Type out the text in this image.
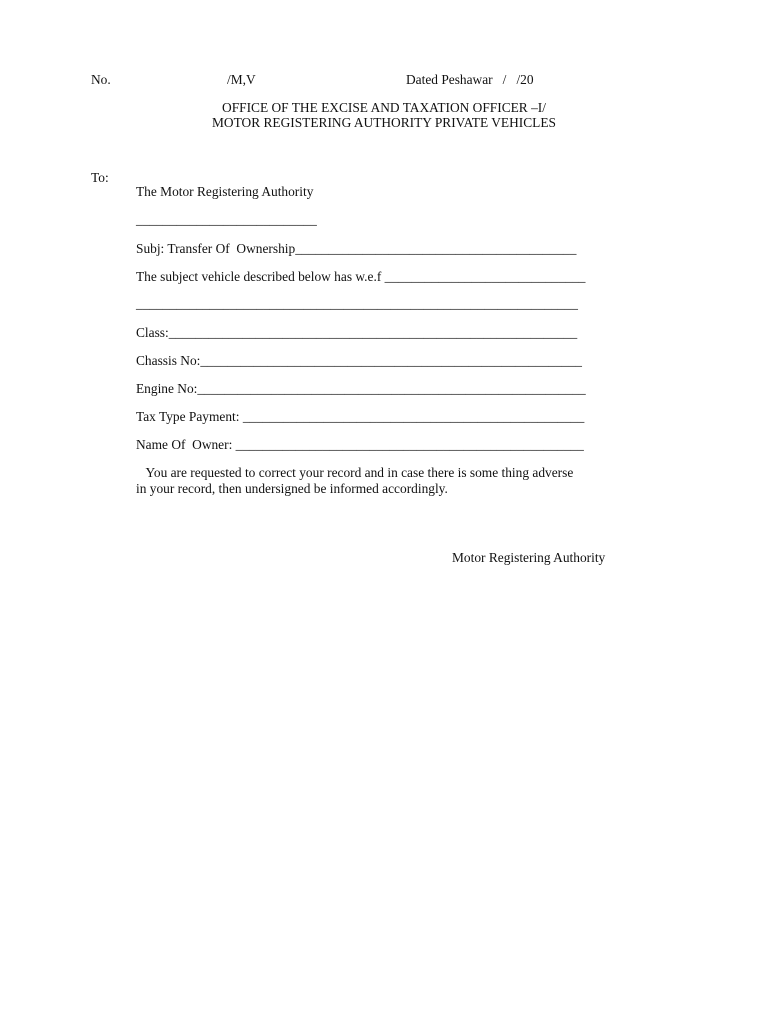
No.	/M,V	Dated Peshawar   /   /20
OFFICE OF THE EXCISE AND TAXATION OFFICER –I/
MOTOR REGISTERING AUTHORITY PRIVATE VEHICLES
To:
The Motor Registering Authority
___________________________
Subj: Transfer Of  Ownership__________________________________________
The subject vehicle described below has w.e.f ______________________________
__________________________________________________________________
Class:_____________________________________________________________
Chassis No:_________________________________________________________
Engine No:__________________________________________________________
Tax Type Payment: ___________________________________________________
Name Of  Owner: ____________________________________________________
You are requested to correct your record and in case there is some thing adverse
in your record, then undersigned be informed accordingly.
Motor Registering Authority
